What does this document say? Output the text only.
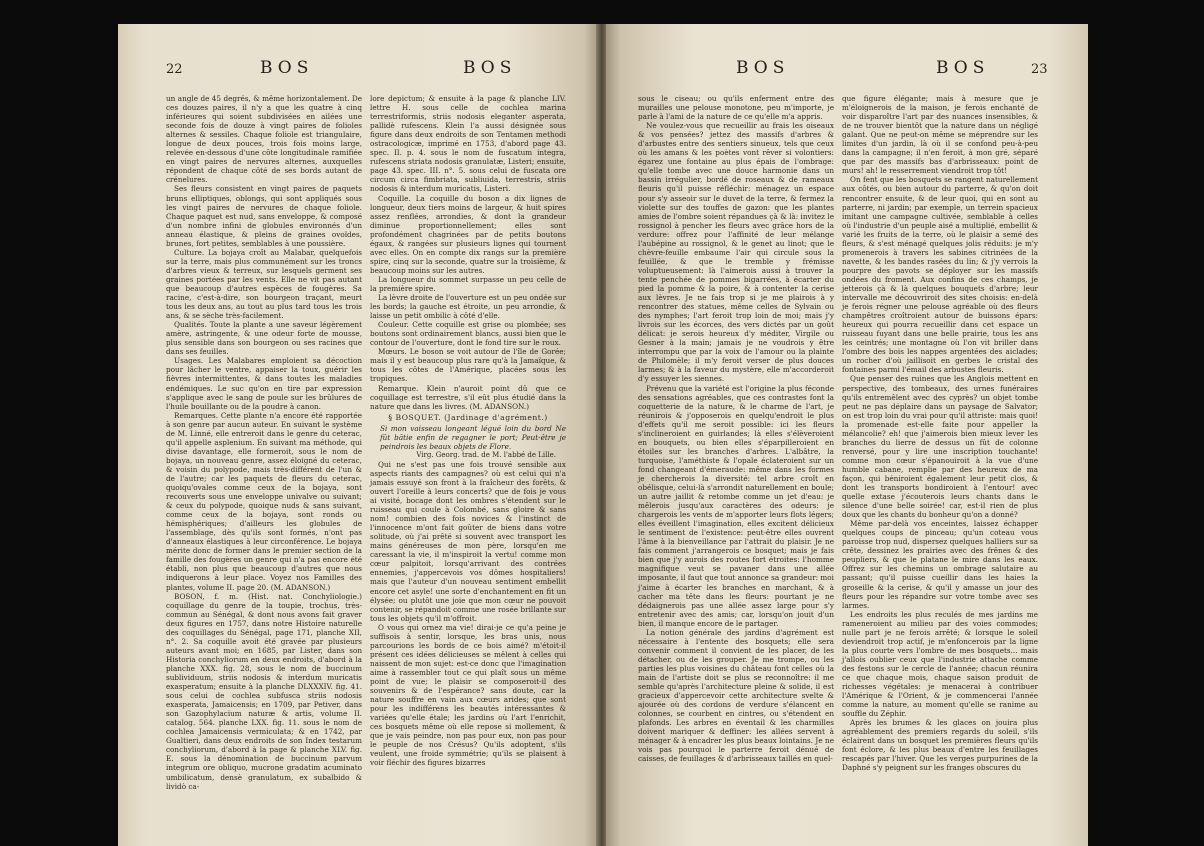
22	BOS	BOS

un angle de 45 degrés, & même horizontalement. De ces douzes paires, il n'y a que les quatre à cinq inférieures qui soient subdivisées en ailées une seconde fois de douze à vingt paires de folioles alternes & sessiles. Chaque foliole est triangulaire, longue de deux pouces, trois fois moins large, relevée en-dessous d'une côte longitudinale ramifiée en vingt paires de nervures alternes, auxquelles répondent de chaque côté de ses bords autant de crénelures.

Ses fleurs consistent en vingt paires de paquets bruns elliptiques, oblongs, qui sont appliqués sous les vingt paires de nervures de chaque foliole. Chaque paquet est nud, sans enveloppe, & composé d'un nombre infini de globules environnés d'un anneau élastique, & pleins de graines ovoïdes, brunes, fort petites, semblables à une poussière.

Culture. La bojaya croît au Malabar, quelquefois sur la terre, mais plus communément sur les troncs d'arbres vieux & terreux, sur lesquels germent ses graines portées par les vents. Elle ne vit pas autant que beaucoup d'autres espèces de fougères. Sa racine, c'est-à-dire, son bourgeon traçant, meurt tous les deux ans, au tout au plus tard tous les trois ans, & se sèche très-facilement.

Qualités. Toute la plante a une saveur légèrement amère, astringente, & une odeur forte de mousse, plus sensible dans son bourgeon ou ses racines que dans ses feuilles.

Usages. Les Malabares emploient sa décoction pour lâcher le ventre, appaiser la toux, guérir les fièvres intermittentes, & dans toutes les maladies endémiques. Le suc qu'on en tire par expression s'applique avec le sang de poule sur les brûlures de l'huile bouillante ou de la poudre à canon.

Remarques. Cette plante n'a encore été rapportée à son genre par aucun auteur. En suivant le système de M. Linné, elle entreroit dans le genre du ceterac, qu'il appelle asplenium. En suivant ma méthode, qui divise davantage, elle formeroit, sous le nom de bojaya, un nouveau genre, assez éloigné du ceterac, & voisin du polypode, mais très-différent de l'un & de l'autre; car les paquets de fleurs du ceterac, quoiqu'ovales comme ceux de la bojaya, sont recouverts sous une enveloppe univalve ou suivant; & ceux du polypode, quoique nuds & sans suivant, comme ceux de la bojaya, sont ronds ou hémisphériques; d'ailleurs les globules de l'assemblage, dès qu'ils sont formés, n'ont pas d'anneaux élastiques à leur circonférence. Le bojaya mérite donc de former dans le premier section de la famille des fougères un genre qui n'a pas encore été établi, non plus que beaucoup d'autres que nous indiquerons à leur place. Voyez nos Familles des plantes, volume II. page 20. (M. ADANSON.)

BOSON, f. m. (Hist. nat. Conchyliologie.) coquillage du genre de la toupie, trochus, très-commun au Sénégal, & dont nous avons fait graver deux figures en 1757, dans notre Histoire naturelle des coquillages du Sénégal, page 171, planche XII, n°. 2. Sa coquille avoit été gravée par plusieurs auteurs avant moi; en 1685, par Lister, dans son Historia conchyliorum en deux endroits, d'abord à la planche XXX. fig. 28, sous le nom de buccinum sublividuum, striis nodosis & interdum muricatis exasperatum; ensuite à la planche DLXXXIV. fig. 41. sous celui de cochlea subfusca striis nodosis exasperata, Jamaicensis; en 1709, par Petiver, dans son Gazophylacium naturæ & artis, volume II. catalog. 564. planche LXX. fig. 11. sous le nom de cochlea Jamaicensis vermiculata; & en 1742, par Gualtieri, dans deux endroits de son Index testarum conchyliorum, d'abord à la page & planche XLV. fig. E. sous la dénomination de buccinum parvum integrum ore obliquo, mucrone gradatim acuminato umbilicatum, densè granulatum, ex subalbido & lividò ca-

lore depictum; & ensuite à la page & planche LIV. lettre H. sous celle de cochlea marina terrestriformis, striis nodosis eleganter asperata, pallidè rufescens. Klein l'a aussi désignée sous figure dans deux endroits de son Tentamen methodi ostracologicæ, imprimé en 1753, d'abord page 43. spec. II. p. 4. sous le nom de fuscatum integra, rufescens striata nodosis granulatæ, Listeri; ensuite, page 43. spec. III. n°. 5. sous celui de fuscata ore circum circa fimbriata, subliuida, terrestris, striis nodosis & interdum muricatis, Listeri.

Coquille. La coquille du boson a dix lignes de longueur, deux tiers moins de largeur, & huit spires assez renflées, arrondies, & dont la grandeur diminue proportionnellement; elles sont profondément chagrinées par de petits boutons égaux, & rangées sur plusieurs lignes qui tournent avec elles. On en compte dix rangs sur la première spire, cinq sur la seconde, quatre sur la troisième, & beaucoup moins sur les autres.

La longueur du sommet surpasse un peu celle de la première spire.

La lèvre droite de l'ouverture est un peu ondée sur les bords; la gauche est étroite, un peu arrondie, & laisse un petit ombilic à côté d'elle.

Couleur. Cette coquille est grise ou plombée; ses boutons sont ordinairement blancs, aussi bien que le contour de l'ouverture, dont le fond tire sur le roux.

Mœurs. Le boson se voit autour de l'île de Gorée; mais il y est beaucoup plus rare qu'à la Jamaïque, & tous les côtes de l'Amérique, placées sous les tropiques.

Remarque. Klein n'auroit point dû que ce coquillage est terrestre, s'il eût plus étudié dans la nature que dans les livres. (M. ADANSON.)

§ BOSQUET. (Jardinage d'agrément.)

Si mon vaisseau longeant légué loin du bord Ne fût bâtie enfin de regagner le port; Peut-être je peindrois les beaux objets de Flore.

Virg. Georg. trad. de M. l'abbé de Lille.

Qui ne s'est pas une fois trouvé sensible aux aspects riants des campagnes? où est celui qui n'a jamais essuyé son front à la fraîcheur des forêts, & ouvert l'oreille à leurs concerts? que de fois je vous ai visité, bocage dont les ombres s'étendent sur le ruisseau qui coule à Colombé, sans gloire & sans nom! combien des fois novices & l'instinct de l'innocence m'ont fait goûter de biens dans votre solitude, où j'ai prêté si souvent avec transport les mains généreuses de mon père, lorsqu'en me caressant la vie, il m'inspiroit la vertu! comme mon cœur palpitoit, lorsqu'arrivant des contrées ennemies, j'appercevois vos dômes hospitaliers! mais que l'auteur d'un nouveau sentiment embellit encore cet asyle! une sorte d'enchantement en fit un élysée; ou plutôt une joie que mon cœur ne pouvoit contenir, se répandoit comme une rosée brillante sur tous les objets qu'il m'offroit.

O vous qui ornez ma vie! dirai-je ce qu'a peine je suffisois à sentir, lorsque, les bras unis, nous parcourions les bords de ce bois aimé? m'étoit-il présent ces idées délicieuses se mêlent à celles qui naissent de mon sujet: est-ce donc que l'imagination aime à rassembler tout ce qui plaît sous un même point de vue; le plaisir se composeroit-il des souvenirs & de l'espérance? sans doute, car la nature souffre en vain aux cœurs arides; que sont pour les indifférens les beautés intéressantes & variées qu'elle étale; les jardins où l'art l'enrichit, ces bosquets même où elle repose si mollement, & que je vais peindre, non pas pour eux, non pas pour le peuple de nos Crésus? Qu'ils adoptent, s'ils veulent, une froide symmétrie; qu'ils se plaisent à voir fléchir des figures bizarres

BOS	BOS	23

sous le ciseau; ou qu'ils enferment entre des murailles une pelouse monotone, peu m'importe, je parle à l'ami de la nature de ce qu'elle m'a appris.

Ne voulez-vous que recueillir au frais les oiseaux & vos pensées? jettez des massifs d'arbres & d'arbustes entre des sentiers sinueux, tels que ceux où les amans & les poètes vont rêver si volontiers: égarez une fontaine au plus épais de l'ombrage: qu'elle tombe avec une douce harmonie dans un bassin irrégulier, bordé de roseaux & de rameaux fleuris qu'il puisse réfléchir: ménagez un espace pour s'y asseoir sur le duvet de la terre, & fermez la violette sur des touffes de gazon: que les plantes amies de l'ombre soient répandues çà & là: invitez le rossignol à pencher les fleurs avec grâce hors de la verdure: offrez pour l'affinité de leur mélange l'aubépine au rossignol, & le genet au linot; que le chèvre-feuille embaume l'air qui circule sous la feuillée, & que le tremble y frémisse voluptueusement: là l'aimerois aussi à trouver la tente penchée de pommes bigarrées, à écarter du pied la pomme & la poire, & à contenter la cerise aux lèvres. Je ne fais trop si je me plairois à y rencontrer des statues, même celles de Sylvain ou des nymphes; l'art feroit trop loin de moi; mais j'y livrois sur les écorces, des vers dictés par un goût délicat: je serois heureux d'y méditer, Virgile ou Gesner à la main; jamais je ne voudrois y être interrompu que par la voix de l'amour ou la plainte de Philomèle; il m'y feroit verser de plus douces larmes; & à la faveur du mystère, elle m'accorderoit d'y essuyer les siennes.

Prévenu que la variété est l'origine la plus féconde des sensations agréables, que ces contrastes font la coquetterie de la nature, & le charme de l'art, je réunirois & j'opposerois en quelqu'endroit le plus d'effets qu'il me seroit possible: ici les fleurs s'inclineroient en guirlandes; là elles s'élèveroient en bouquets, ou bien elles s'éparpilleroient en étoiles sur les branches d'arbres. L'albâtre, la turquoise, l'améthiste & l'opale éclateroient sur un fond changeant d'émeraude: même dans les formes je chercherois la diversité: tel arbre croît en obélisque, celui-là s'arrondit naturellement en boule; un autre jaillit & retombe comme un jet d'eau: je mêlerois jusqu'aux caractères des odeurs: je chargerois les vents de m'apporter leurs flots légers; elles éveillent l'imagination, elles excitent délicieux le sentiment de l'existence: peut-être elles ouvrent l'âme à la bienveillance par l'attrait du plaisir. Je ne fais comment j'arrangerois ce bosquet; mais je fais bien que j'y aurois des routes fort étroites: l'homme magnifique veut se pavaner dans une allée imposante, il faut que tout annonce sa grandeur: moi j'aime à écarter les branches en marchant, & à cacher ma tête dans les fleurs: pourtant je ne dédaignerois pas une allée assez large pour s'y entretenir avec des amis; car, lorsqu'on jouit d'un bien, il manque encore de le partager.

La notion générale des jardins d'agrément est nécessaire à l'entente des bosquets; elle sera convenir comment il convient de les placer, de les détacher, ou de les grouper. Je me trompe, ou les parties les plus voisines du château font celles où la main de l'artiste doit se plus se reconnoître: il me semble qu'après l'architecture pleine & solide, il est gracieux d'appercevoir cette architecture svelte & ajourée où des cordons de verdure s'élancent en colonnes, se courbent en cintres, ou s'étendent en plafonds. Les arbres en éventail & les charmilles doivent mariquer & deffiner: les allées servent à ménager & à encadrer les plus beaux lointains. Je ne vois pas pourquoi le parterre feroit dénué de caisses, de feuillages & d'arbrisseaux taillés en quel-

que figure élégante; mais à mesure que je m'éloignerois de la maison, je ferois enchanté de voir disparoître l'art par des nuances insensibles, & de ne trouver bientôt que la nature dans un négligé galant. Que ne peut-on même se méprendre sur les limites d'un jardin, là où il se confond peu-à-peu dans la campagne; il n'en feroit, à mon gré, séparé que par des massifs bas d'arbrisseaux: point de murs! ah! le resserrement viendroit trop tôt!

On fent que les bosquets se rangent naturellement aux côtés, ou bien autour du parterre, & qu'on doit rencontrer ensuite, & de leur quoi, qui en sont au parterre, ni jardin; par exemple, un terrein spacieux imitant une campagne cultivée, semblable à celles où l'industrie d'un peuple aisé a multiplié, embellit & varié les fruits de la terre, où le plaisir a semé des fleurs, & s'est ménagé quelques jolis réduits: je m'y promenerois à travers les sabines citrinées de la navette, & les bandes rasées du lin; & j'y verrois la pourpre des pavots se déployer sur les massifs ondées du froment. Aux confins de ces champs, je jetterois çà & là quelques bouquets d'arbre; leur intervalle me découvriroit des sites choisis: en-delà je ferois régner une pelouse agréable où des fleurs champêtres croîtroient autour de buissons épars: heureux qui pourra recueillir dans cet espace un ruisseau fuyant dans une belle prairie, tous les ans les ceintrés; une montagne où l'on vit briller dans l'ombre des bois les nappes argentées des aiclades; un rocher d'où jaillisoit en gerbes le cristal des fontaines parmi l'émail des arbustes fleuris.

Que penser des ruines que les Anglois mettent en perspective, des tombeaux, des urnes funéraires qu'ils entremêlent avec des cyprès? un objet tombe peut ne pas déplaire dans un paysage de Salvator; on est trop loin du vrai pour qu'il attriste: mais quoi! la promenade est-elle faite pour appeller la mélancolie? eh! que j'aimerois bien mieux lever les branches du lierre de dessus un fût de colonne renversé, pour y lire une inscription touchante! comme mon cœur s'épanouiroit à la vue d'une humble cabane, remplie par des heureux de ma façon, qui béniroient également leur petit clos, & dont les transports bondiroient à l'entour! avec quelle extase j'écouterois leurs chants dans le silence d'une belle soirée! car, est-il rien de plus doux que les chants du bonheur qu'on a donné?

Même par-delà vos enceintes, laissez échapper quelques coups de pinceau; qu'un coteau vous paroisse trop nud, dispersez quelques halliers sur sa crête, dessinez les prairies avec des frênes & des peupliers, & que le platane le mire dans les eaux. Offrez sur les chemins un ombrage salutaire au passant; qu'il puisse cueillir dans les haies la groseille & la cerise, & qu'il y amasse un jour des fleurs pour les répandre sur votre tombe avec ses larmes.

Les endroits les plus reculés de mes jardins me rameneroient au milieu par des voies commodes; nulle part je ne ferois arrêté; & lorsque le soleil deviendroit trop actif, je m'enfoncerois par la ligne la plus courte vers l'ombre de mes bosquets... mais j'allois oublier ceux que l'industrie attache comme des festons sur le cercle de l'année; chacun réunira ce que chaque mois, chaque saison produit de richesses végétales: je menacerai à contribuer l'Amérique & l'Orient, & je commencerai l'année comme la nature, au moment qu'elle se ranime au souffle du Zéphir.

Après les brumes & les glaces on jouira plus agréablement des premiers regards du soleil, s'ils éclairent dans un bosquet les premières fleurs qu'ils font éclore, & les plus beaux d'entre les feuillages rescapés par l'hiver. Que les verges purpurines de la Daphné s'y peignent sur les franges obscures du
